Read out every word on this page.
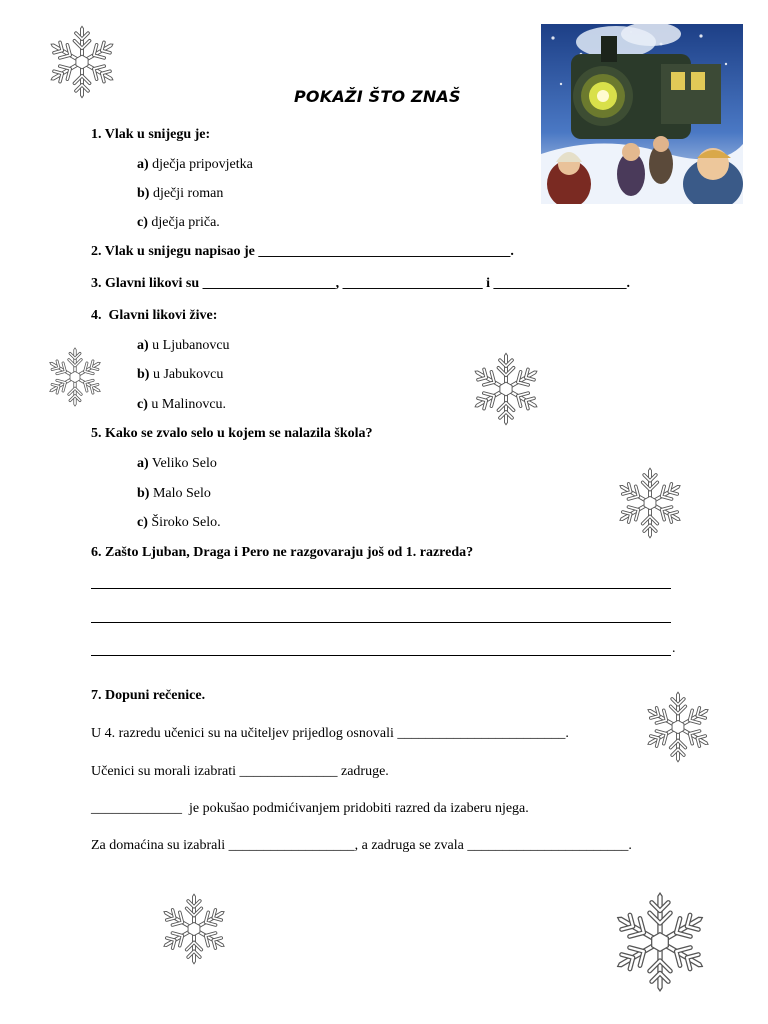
POKAŽI ŠTO ZNAŠ
1. Vlak u snijegu je:
a) dječja pripovjetka
b) dječji roman
c) dječja priča.
2. Vlak u snijegu napisao je ____________________________________.
3. Glavni likovi su ___________________, ____________________ i ___________________.
4.  Glavni likovi žive:
a) u Ljubanovcu
b) u Jabukovcu
c) u Malinovcu.
5. Kako se zvalo selo u kojem se nalazila škola?
a) Veliko Selo
b) Malo Selo
c) Široko Selo.
6. Zašto Ljuban, Draga i Pero ne razgovaraju još od 1. razreda?
.
7. Dopuni rečenice.
U 4. razredu učenici su na učiteljev prijedlog osnovali ________________________.
Učenici su morali izabrati ______________ zadruge.
_____________  je pokušao podmićivanjem pridobiti razred da izaberu njega.
Za domaćina su izabrali __________________, a zadruga se zvala _______________________.
